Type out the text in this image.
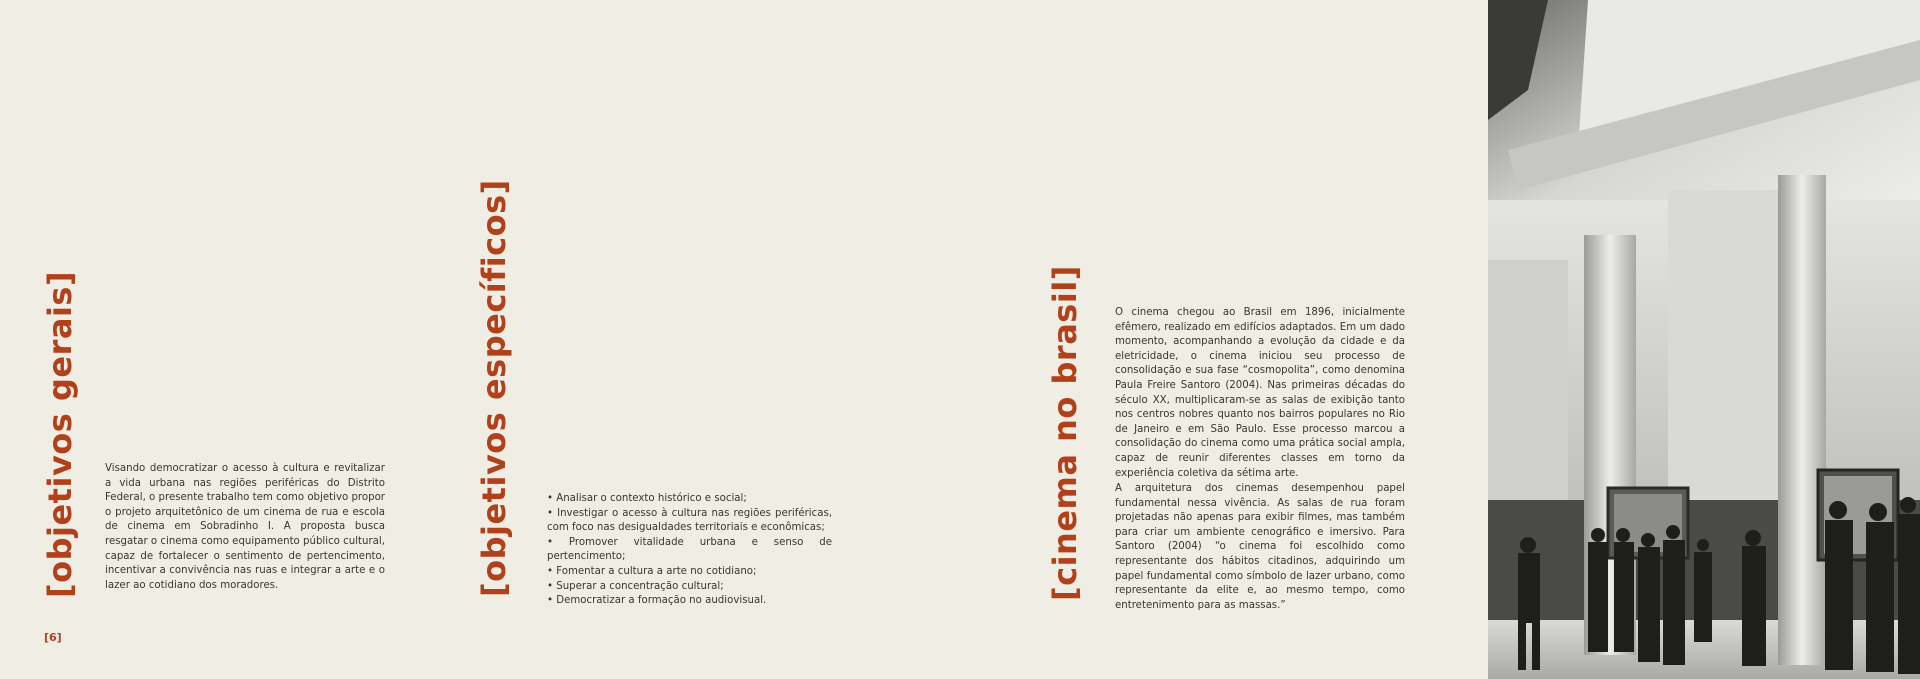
[objetivos gerais]	Visando democratizar o acesso à cultura e revitalizar a vida urbana nas regiões periféricas do Distrito Federal, o presente trabalho tem como objetivo propor o projeto arquitetônico de um cinema de rua e escola de cinema em Sobradinho I. A proposta busca resgatar o cinema como equipamento público cultural, capaz de fortalecer o sentimento de pertencimento, incentivar a convivência nas ruas e integrar a arte e o lazer ao cotidiano dos moradores.	[objetivos específicos]	• Analisar o contexto histórico e social;
• Investigar o acesso à cultura nas regiões periféricas, com foco nas desigualdades territoriais e econômicas;
• Promover vitalidade urbana e senso de pertencimento;
• Fomentar a cultura a arte no cotidiano;
• Superar a concentração cultural;
• Democratizar a formação no audiovisual.	[cinema no brasil]	O cinema chegou ao Brasil em 1896, inicialmente efêmero, realizado em edifícios adaptados. Em um dado momento, acompanhando a evolução da cidade e da eletricidade, o cinema iniciou seu processo de consolidação e sua fase “cosmopolita”, como denomina Paula Freire Santoro (2004). Nas primeiras décadas do século XX, multiplicaram-se as salas de exibição tanto nos centros nobres quanto nos bairros populares no Rio de Janeiro e em São Paulo. Esse processo marcou a consolidação do cinema como uma prática social ampla, capaz de reunir diferentes classes em torno da experiência coletiva da sétima arte.
A arquitetura dos cinemas desempenhou papel fundamental nessa vivência. As salas de rua foram projetadas não apenas para exibir filmes, mas também para criar um ambiente cenográfico e imersivo. Para Santoro (2004) “o cinema foi escolhido como representante dos hábitos citadinos, adquirindo um papel fundamental como símbolo de lazer urbano, como representante da elite e, ao mesmo tempo, como entretenimento para as massas.”
[6]
